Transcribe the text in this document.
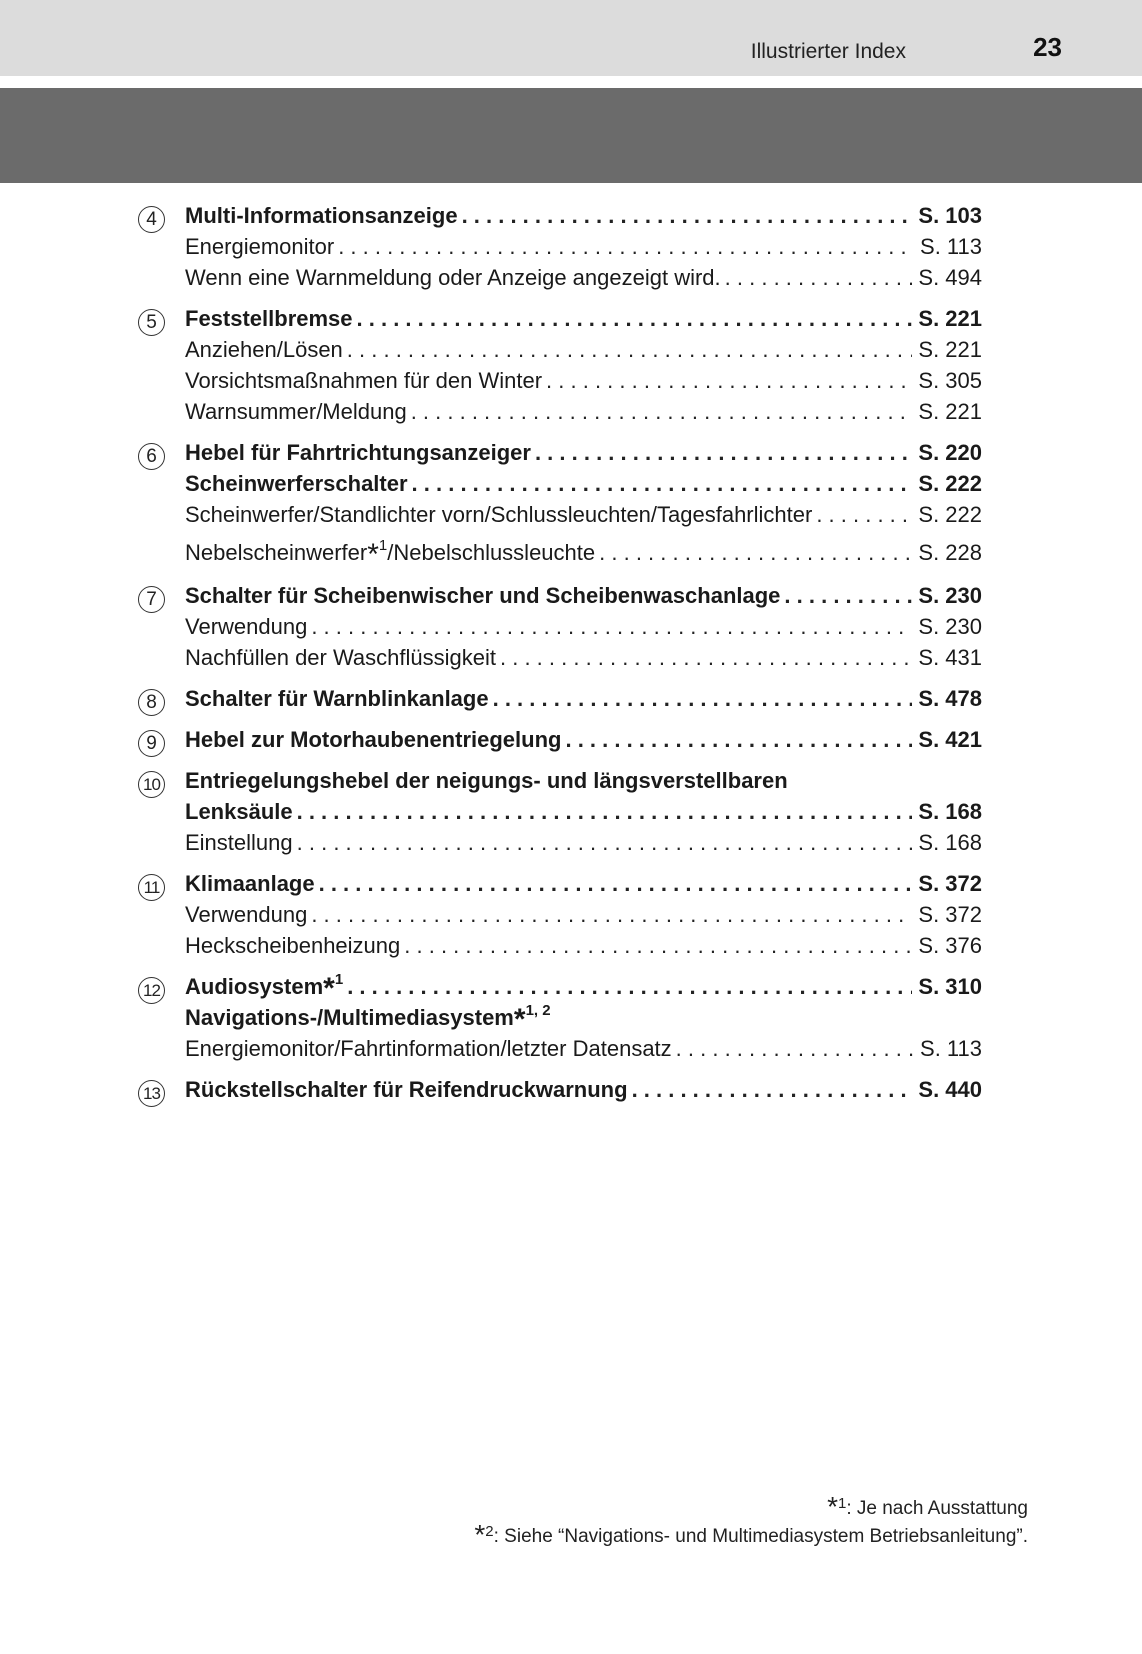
Illustrierter Index	23
4	Multi-Informationsanzeige . . .	S. 103
Energiemonitor . . .	S. 113
Wenn eine Warnmeldung oder Anzeige angezeigt wird. . . .	S. 494
5	Feststellbremse . . .	S. 221
Anziehen/Lösen . . .	S. 221
Vorsichtsmaßnahmen für den Winter . . .	S. 305
Warnsummer/Meldung . . .	S. 221
6	Hebel für Fahrtrichtungsanzeiger . . .	S. 220
Scheinwerferschalter . . .	S. 222
Scheinwerfer/Standlichter vorn/Schlussleuchten/Tagesfahrlichter . . .	S. 222
Nebelscheinwerfer*$^1$/Nebelschlussleuchte . . .	S. 228
7	Schalter für Scheibenwischer und Scheibenwaschanlage . . .	S. 230
Verwendung . . .	S. 230
Nachfüllen der Waschflüssigkeit . . .	S. 431
8	Schalter für Warnblinkanlage . . .	S. 478
9	Hebel zur Motorhaubenentriegelung . . .	S. 421
10 Entriegelungshebel der neigungs- und längsverstellbaren
Lenksäule . . .	S. 168
Einstellung . . .	S. 168
11 Klimaanlage . . .	S. 372
Verwendung . . .	S. 372
Heckscheibenheizung . . .	S. 376
12 Audiosystem*$^1$ . . .	S. 310
Navigations-/Multimediasystem*$^{1, 2}$
Energiemonitor/Fahrtinformation/letzter Datensatz . . .	S. 113
13 Rückstellschalter für Reifendruckwarnung . . .	S. 440
*$^1$: Je nach Ausstattung
*$^2$: Siehe “Navigations- und Multimediasystem Betriebsanleitung”.
